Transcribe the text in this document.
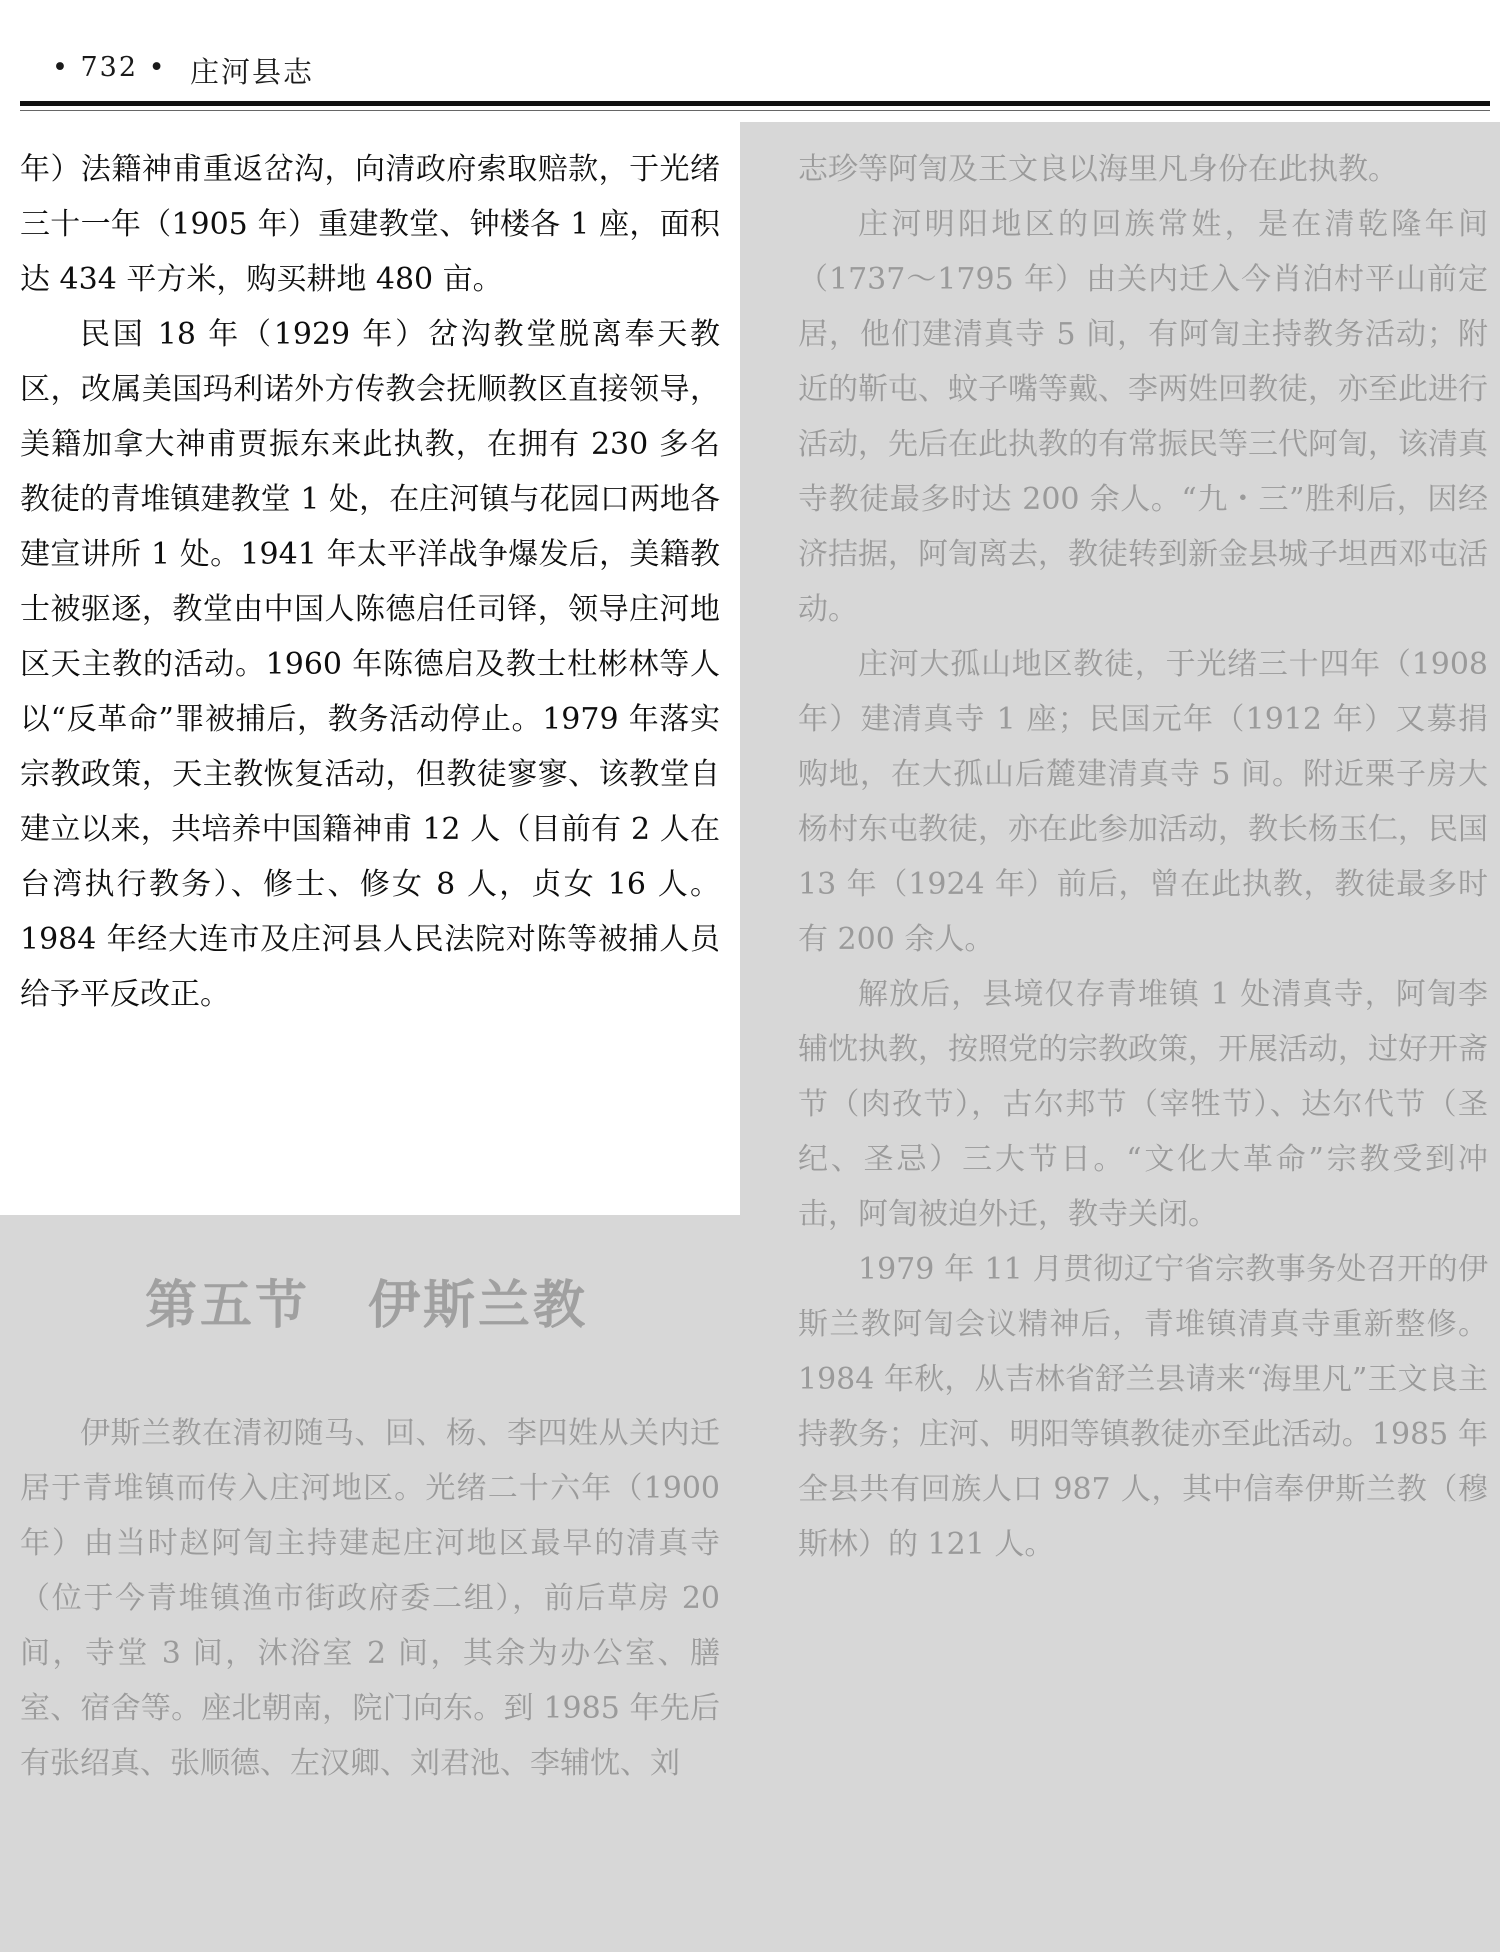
• 732 • 庄河县志

年）法籍神甫重返岔沟，向清政府索取赔款，于光绪三十一年（1905 年）重建教堂、钟楼各 1 座，面积达 434 平方米，购买耕地 480 亩。

民国 18 年（1929 年）岔沟教堂脱离奉天教区，改属美国玛利诺外方传教会抚顺教区直接领导，美籍加拿大神甫贾振东来此执教，在拥有 230 多名教徒的青堆镇建教堂 1 处，在庄河镇与花园口两地各建宣讲所 1 处。1941 年太平洋战争爆发后，美籍教士被驱逐，教堂由中国人陈德启任司铎，领导庄河地区天主教的活动。1960 年陈德启及教士杜彬林等人以“反革命”罪被捕后，教务活动停止。1979 年落实宗教政策，天主教恢复活动，但教徒寥寥、该教堂自建立以来，共培养中国籍神甫 12 人（目前有 2 人在台湾执行教务）、修士、修女 8 人，贞女 16 人。1984 年经大连市及庄河县人民法院对陈等被捕人员给予平反改正。

第五节 伊斯兰教

伊斯兰教在清初随马、回、杨、李四姓从关内迁居于青堆镇而传入庄河地区。光绪二十六年（1900 年）由当时赵阿訇主持建起庄河地区最早的清真寺（位于今青堆镇渔市街政府委二组），前后草房 20 间，寺堂 3 间，沐浴室 2 间，其余为办公室、膳室、宿舍等。座北朝南，院门向东。到 1985 年先后有张绍真、张顺德、左汉卿、刘君池、李辅忱、刘

志珍等阿訇及王文良以海里凡身份在此执教。

庄河明阳地区的回族常姓，是在清乾隆年间（1737～1795 年）由关内迁入今肖泊村平山前定居，他们建清真寺 5 间，有阿訇主持教务活动；附近的靳屯、蚊子嘴等戴、李两姓回教徒，亦至此进行活动，先后在此执教的有常振民等三代阿訇，该清真寺教徒最多时达 200 余人。“九・三”胜利后，因经济拮据，阿訇离去，教徒转到新金县城子坦西邓屯活动。

庄河大孤山地区教徒，于光绪三十四年（1908 年）建清真寺 1 座；民国元年（1912 年）又募捐购地，在大孤山后麓建清真寺 5 间。附近栗子房大杨村东屯教徒，亦在此参加活动，教长杨玉仁，民国 13 年（1924 年）前后，曾在此执教，教徒最多时有 200 余人。

解放后，县境仅存青堆镇 1 处清真寺，阿訇李辅忱执教，按照党的宗教政策，开展活动，过好开斋节（肉孜节），古尔邦节（宰牲节）、达尔代节（圣纪、圣忌）三大节日。“文化大革命”宗教受到冲击，阿訇被迫外迁，教寺关闭。

1979 年 11 月贯彻辽宁省宗教事务处召开的伊斯兰教阿訇会议精神后，青堆镇清真寺重新整修。1984 年秋，从吉林省舒兰县请来“海里凡”王文良主持教务；庄河、明阳等镇教徒亦至此活动。1985 年全县共有回族人口 987 人，其中信奉伊斯兰教（穆斯林）的 121 人。
